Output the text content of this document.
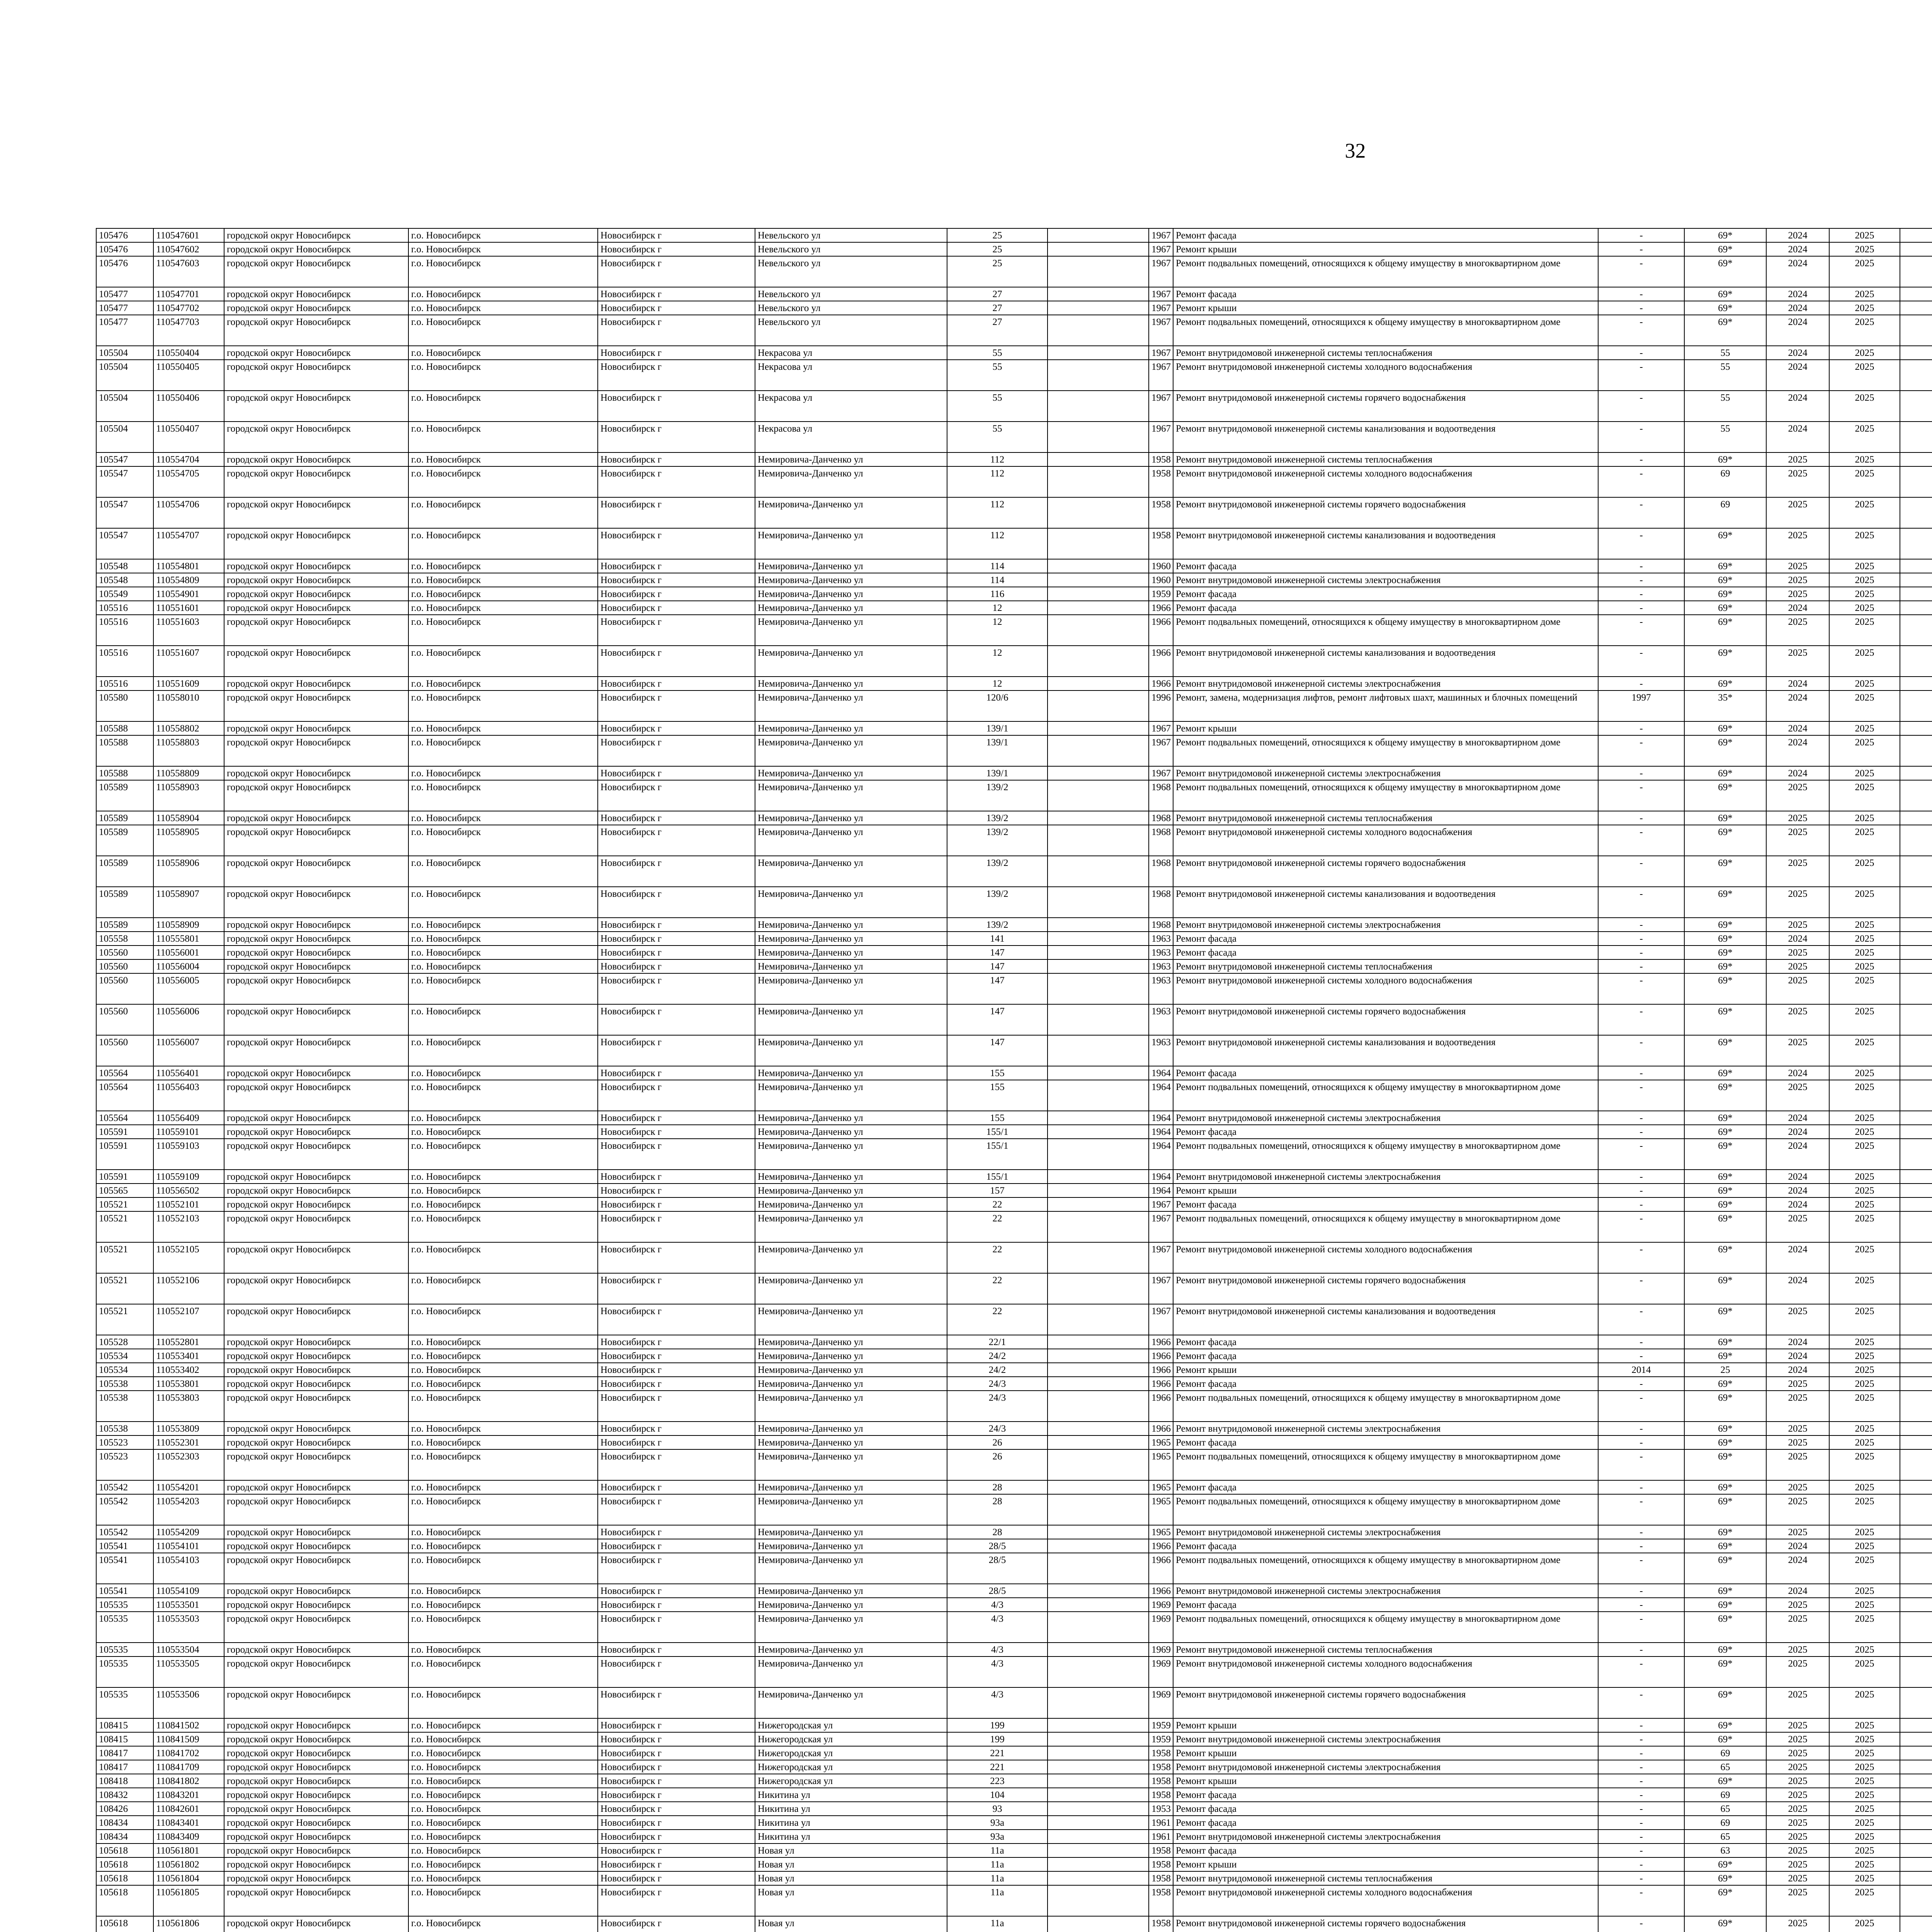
32
105476	110547601	городской округ Новосибирск	г.о. Новосибирск	Новосибирск г	Невельского ул	25		1967	Ремонт фасада	-	69*	2024	2025							
105476	110547602	городской округ Новосибирск	г.о. Новосибирск	Новосибирск г	Невельского ул	25		1967	Ремонт крыши	-	69*	2024	2025							
105476	110547603	городской округ Новосибирск	г.о. Новосибирск	Новосибирск г	Невельского ул	25		1967	Ремонт подвальных помещений, относящихся к общему имуществу в многоквартирном доме	-	69*	2024	2025							
105477	110547701	городской округ Новосибирск	г.о. Новосибирск	Новосибирск г	Невельского ул	27		1967	Ремонт фасада	-	69*	2024	2025							
105477	110547702	городской округ Новосибирск	г.о. Новосибирск	Новосибирск г	Невельского ул	27		1967	Ремонт крыши	-	69*	2024	2025							
105477	110547703	городской округ Новосибирск	г.о. Новосибирск	Новосибирск г	Невельского ул	27		1967	Ремонт подвальных помещений, относящихся к общему имуществу в многоквартирном доме	-	69*	2024	2025							
105504	110550404	городской округ Новосибирск	г.о. Новосибирск	Новосибирск г	Некрасова ул	55		1967	Ремонт внутридомовой инженерной системы теплоснабжения	-	55	2024	2025							
105504	110550405	городской округ Новосибирск	г.о. Новосибирск	Новосибирск г	Некрасова ул	55		1967	Ремонт внутридомовой инженерной системы холодного водоснабжения	-	55	2024	2025							
105504	110550406	городской округ Новосибирск	г.о. Новосибирск	Новосибирск г	Некрасова ул	55		1967	Ремонт внутридомовой инженерной системы горячего водоснабжения	-	55	2024	2025							
105504	110550407	городской округ Новосибирск	г.о. Новосибирск	Новосибирск г	Некрасова ул	55		1967	Ремонт внутридомовой инженерной системы канализования и водоотведения	-	55	2024	2025							
105547	110554704	городской округ Новосибирск	г.о. Новосибирск	Новосибирск г	Немировича-Данченко ул	112		1958	Ремонт внутридомовой инженерной системы теплоснабжения	-	69*	2025	2025							
105547	110554705	городской округ Новосибирск	г.о. Новосибирск	Новосибирск г	Немировича-Данченко ул	112		1958	Ремонт внутридомовой инженерной системы холодного водоснабжения	-	69	2025	2025							
105547	110554706	городской округ Новосибирск	г.о. Новосибирск	Новосибирск г	Немировича-Данченко ул	112		1958	Ремонт внутридомовой инженерной системы горячего водоснабжения	-	69	2025	2025							
105547	110554707	городской округ Новосибирск	г.о. Новосибирск	Новосибирск г	Немировича-Данченко ул	112		1958	Ремонт внутридомовой инженерной системы канализования и водоотведения	-	69*	2025	2025							
105548	110554801	городской округ Новосибирск	г.о. Новосибирск	Новосибирск г	Немировича-Данченко ул	114		1960	Ремонт фасада	-	69*	2025	2025							
105548	110554809	городской округ Новосибирск	г.о. Новосибирск	Новосибирск г	Немировича-Данченко ул	114		1960	Ремонт внутридомовой инженерной системы электроснабжения	-	69*	2025	2025							
105549	110554901	городской округ Новосибирск	г.о. Новосибирск	Новосибирск г	Немировича-Данченко ул	116		1959	Ремонт фасада	-	69*	2025	2025							
105516	110551601	городской округ Новосибирск	г.о. Новосибирск	Новосибирск г	Немировича-Данченко ул	12		1966	Ремонт фасада	-	69*	2024	2025							
105516	110551603	городской округ Новосибирск	г.о. Новосибирск	Новосибирск г	Немировича-Данченко ул	12		1966	Ремонт подвальных помещений, относящихся к общему имуществу в многоквартирном доме	-	69*	2025	2025							
105516	110551607	городской округ Новосибирск	г.о. Новосибирск	Новосибирск г	Немировича-Данченко ул	12		1966	Ремонт внутридомовой инженерной системы канализования и водоотведения	-	69*	2025	2025							
105516	110551609	городской округ Новосибирск	г.о. Новосибирск	Новосибирск г	Немировича-Данченко ул	12		1966	Ремонт внутридомовой инженерной системы электроснабжения	-	69*	2024	2025							
105580	110558010	городской округ Новосибирск	г.о. Новосибирск	Новосибирск г	Немировича-Данченко ул	120/6		1996	Ремонт, замена, модернизация лифтов, ремонт лифтовых шахт, машинных и блочных помещений	1997	35*	2024	2025							
105588	110558802	городской округ Новосибирск	г.о. Новосибирск	Новосибирск г	Немировича-Данченко ул	139/1		1967	Ремонт крыши	-	69*	2024	2025							
105588	110558803	городской округ Новосибирск	г.о. Новосибирск	Новосибирск г	Немировича-Данченко ул	139/1		1967	Ремонт подвальных помещений, относящихся к общему имуществу в многоквартирном доме	-	69*	2024	2025							
105588	110558809	городской округ Новосибирск	г.о. Новосибирск	Новосибирск г	Немировича-Данченко ул	139/1		1967	Ремонт внутридомовой инженерной системы электроснабжения	-	69*	2024	2025							
105589	110558903	городской округ Новосибирск	г.о. Новосибирск	Новосибирск г	Немировича-Данченко ул	139/2		1968	Ремонт подвальных помещений, относящихся к общему имуществу в многоквартирном доме	-	69*	2025	2025							
105589	110558904	городской округ Новосибирск	г.о. Новосибирск	Новосибирск г	Немировича-Данченко ул	139/2		1968	Ремонт внутридомовой инженерной системы теплоснабжения	-	69*	2025	2025							
105589	110558905	городской округ Новосибирск	г.о. Новосибирск	Новосибирск г	Немировича-Данченко ул	139/2		1968	Ремонт внутридомовой инженерной системы холодного водоснабжения	-	69*	2025	2025							
105589	110558906	городской округ Новосибирск	г.о. Новосибирск	Новосибирск г	Немировича-Данченко ул	139/2		1968	Ремонт внутридомовой инженерной системы горячего водоснабжения	-	69*	2025	2025							
105589	110558907	городской округ Новосибирск	г.о. Новосибирск	Новосибирск г	Немировича-Данченко ул	139/2		1968	Ремонт внутридомовой инженерной системы канализования и водоотведения	-	69*	2025	2025							
105589	110558909	городской округ Новосибирск	г.о. Новосибирск	Новосибирск г	Немировича-Данченко ул	139/2		1968	Ремонт внутридомовой инженерной системы электроснабжения	-	69*	2025	2025							
105558	110555801	городской округ Новосибирск	г.о. Новосибирск	Новосибирск г	Немировича-Данченко ул	141		1963	Ремонт фасада	-	69*	2024	2025							
105560	110556001	городской округ Новосибирск	г.о. Новосибирск	Новосибирск г	Немировича-Данченко ул	147		1963	Ремонт фасада	-	69*	2025	2025							
105560	110556004	городской округ Новосибирск	г.о. Новосибирск	Новосибирск г	Немировича-Данченко ул	147		1963	Ремонт внутридомовой инженерной системы теплоснабжения	-	69*	2025	2025							
105560	110556005	городской округ Новосибирск	г.о. Новосибирск	Новосибирск г	Немировича-Данченко ул	147		1963	Ремонт внутридомовой инженерной системы холодного водоснабжения	-	69*	2025	2025							
105560	110556006	городской округ Новосибирск	г.о. Новосибирск	Новосибирск г	Немировича-Данченко ул	147		1963	Ремонт внутридомовой инженерной системы горячего водоснабжения	-	69*	2025	2025							
105560	110556007	городской округ Новосибирск	г.о. Новосибирск	Новосибирск г	Немировича-Данченко ул	147		1963	Ремонт внутридомовой инженерной системы канализования и водоотведения	-	69*	2025	2025							
105564	110556401	городской округ Новосибирск	г.о. Новосибирск	Новосибирск г	Немировича-Данченко ул	155		1964	Ремонт фасада	-	69*	2024	2025							
105564	110556403	городской округ Новосибирск	г.о. Новосибирск	Новосибирск г	Немировича-Данченко ул	155		1964	Ремонт подвальных помещений, относящихся к общему имуществу в многоквартирном доме	-	69*	2025	2025							
105564	110556409	городской округ Новосибирск	г.о. Новосибирск	Новосибирск г	Немировича-Данченко ул	155		1964	Ремонт внутридомовой инженерной системы электроснабжения	-	69*	2024	2025							
105591	110559101	городской округ Новосибирск	г.о. Новосибирск	Новосибирск г	Немировича-Данченко ул	155/1		1964	Ремонт фасада	-	69*	2024	2025							
105591	110559103	городской округ Новосибирск	г.о. Новосибирск	Новосибирск г	Немировича-Данченко ул	155/1		1964	Ремонт подвальных помещений, относящихся к общему имуществу в многоквартирном доме	-	69*	2024	2025							
105591	110559109	городской округ Новосибирск	г.о. Новосибирск	Новосибирск г	Немировича-Данченко ул	155/1		1964	Ремонт внутридомовой инженерной системы электроснабжения	-	69*	2024	2025							
105565	110556502	городской округ Новосибирск	г.о. Новосибирск	Новосибирск г	Немировича-Данченко ул	157		1964	Ремонт крыши	-	69*	2024	2025							
105521	110552101	городской округ Новосибирск	г.о. Новосибирск	Новосибирск г	Немировича-Данченко ул	22		1967	Ремонт фасада	-	69*	2024	2025							
105521	110552103	городской округ Новосибирск	г.о. Новосибирск	Новосибирск г	Немировича-Данченко ул	22		1967	Ремонт подвальных помещений, относящихся к общему имуществу в многоквартирном доме	-	69*	2025	2025							
105521	110552105	городской округ Новосибирск	г.о. Новосибирск	Новосибирск г	Немировича-Данченко ул	22		1967	Ремонт внутридомовой инженерной системы холодного водоснабжения	-	69*	2024	2025							
105521	110552106	городской округ Новосибирск	г.о. Новосибирск	Новосибирск г	Немировича-Данченко ул	22		1967	Ремонт внутридомовой инженерной системы горячего водоснабжения	-	69*	2024	2025							
105521	110552107	городской округ Новосибирск	г.о. Новосибирск	Новосибирск г	Немировича-Данченко ул	22		1967	Ремонт внутридомовой инженерной системы канализования и водоотведения	-	69*	2025	2025							
105528	110552801	городской округ Новосибирск	г.о. Новосибирск	Новосибирск г	Немировича-Данченко ул	22/1		1966	Ремонт фасада	-	69*	2024	2025							
105534	110553401	городской округ Новосибирск	г.о. Новосибирск	Новосибирск г	Немировича-Данченко ул	24/2		1966	Ремонт фасада	-	69*	2024	2025							
105534	110553402	городской округ Новосибирск	г.о. Новосибирск	Новосибирск г	Немировича-Данченко ул	24/2		1966	Ремонт крыши	2014	25	2024	2025							
105538	110553801	городской округ Новосибирск	г.о. Новосибирск	Новосибирск г	Немировича-Данченко ул	24/3		1966	Ремонт фасада	-	69*	2025	2025							
105538	110553803	городской округ Новосибирск	г.о. Новосибирск	Новосибирск г	Немировича-Данченко ул	24/3		1966	Ремонт подвальных помещений, относящихся к общему имуществу в многоквартирном доме	-	69*	2025	2025							
105538	110553809	городской округ Новосибирск	г.о. Новосибирск	Новосибирск г	Немировича-Данченко ул	24/3		1966	Ремонт внутридомовой инженерной системы электроснабжения	-	69*	2025	2025							
105523	110552301	городской округ Новосибирск	г.о. Новосибирск	Новосибирск г	Немировича-Данченко ул	26		1965	Ремонт фасада	-	69*	2025	2025							
105523	110552303	городской округ Новосибирск	г.о. Новосибирск	Новосибирск г	Немировича-Данченко ул	26		1965	Ремонт подвальных помещений, относящихся к общему имуществу в многоквартирном доме	-	69*	2025	2025							
105542	110554201	городской округ Новосибирск	г.о. Новосибирск	Новосибирск г	Немировича-Данченко ул	28		1965	Ремонт фасада	-	69*	2025	2025							
105542	110554203	городской округ Новосибирск	г.о. Новосибирск	Новосибирск г	Немировича-Данченко ул	28		1965	Ремонт подвальных помещений, относящихся к общему имуществу в многоквартирном доме	-	69*	2025	2025							
105542	110554209	городской округ Новосибирск	г.о. Новосибирск	Новосибирск г	Немировича-Данченко ул	28		1965	Ремонт внутридомовой инженерной системы электроснабжения	-	69*	2025	2025							
105541	110554101	городской округ Новосибирск	г.о. Новосибирск	Новосибирск г	Немировича-Данченко ул	28/5		1966	Ремонт фасада	-	69*	2024	2025							
105541	110554103	городской округ Новосибирск	г.о. Новосибирск	Новосибирск г	Немировича-Данченко ул	28/5		1966	Ремонт подвальных помещений, относящихся к общему имуществу в многоквартирном доме	-	69*	2024	2025							
105541	110554109	городской округ Новосибирск	г.о. Новосибирск	Новосибирск г	Немировича-Данченко ул	28/5		1966	Ремонт внутридомовой инженерной системы электроснабжения	-	69*	2024	2025							
105535	110553501	городской округ Новосибирск	г.о. Новосибирск	Новосибирск г	Немировича-Данченко ул	4/3		1969	Ремонт фасада	-	69*	2025	2025							
105535	110553503	городской округ Новосибирск	г.о. Новосибирск	Новосибирск г	Немировича-Данченко ул	4/3		1969	Ремонт подвальных помещений, относящихся к общему имуществу в многоквартирном доме	-	69*	2025	2025							
105535	110553504	городской округ Новосибирск	г.о. Новосибирск	Новосибирск г	Немировича-Данченко ул	4/3		1969	Ремонт внутридомовой инженерной системы теплоснабжения	-	69*	2025	2025							
105535	110553505	городской округ Новосибирск	г.о. Новосибирск	Новосибирск г	Немировича-Данченко ул	4/3		1969	Ремонт внутридомовой инженерной системы холодного водоснабжения	-	69*	2025	2025							
105535	110553506	городской округ Новосибирск	г.о. Новосибирск	Новосибирск г	Немировича-Данченко ул	4/3		1969	Ремонт внутридомовой инженерной системы горячего водоснабжения	-	69*	2025	2025							
108415	110841502	городской округ Новосибирск	г.о. Новосибирск	Новосибирск г	Нижегородская ул	199		1959	Ремонт крыши	-	69*	2025	2025							
108415	110841509	городской округ Новосибирск	г.о. Новосибирск	Новосибирск г	Нижегородская ул	199		1959	Ремонт внутридомовой инженерной системы электроснабжения	-	69*	2025	2025							
108417	110841702	городской округ Новосибирск	г.о. Новосибирск	Новосибирск г	Нижегородская ул	221		1958	Ремонт крыши	-	69	2025	2025							
108417	110841709	городской округ Новосибирск	г.о. Новосибирск	Новосибирск г	Нижегородская ул	221		1958	Ремонт внутридомовой инженерной системы электроснабжения	-	65	2025	2025							
108418	110841802	городской округ Новосибирск	г.о. Новосибирск	Новосибирск г	Нижегородская ул	223		1958	Ремонт крыши	-	69*	2025	2025							
108432	110843201	городской округ Новосибирск	г.о. Новосибирск	Новосибирск г	Никитина ул	104		1958	Ремонт фасада	-	69	2025	2025							
108426	110842601	городской округ Новосибирск	г.о. Новосибирск	Новосибирск г	Никитина ул	93		1953	Ремонт фасада	-	65	2025	2025							
108434	110843401	городской округ Новосибирск	г.о. Новосибирск	Новосибирск г	Никитина ул	93а		1961	Ремонт фасада	-	69	2025	2025							
108434	110843409	городской округ Новосибирск	г.о. Новосибирск	Новосибирск г	Никитина ул	93а		1961	Ремонт внутридомовой инженерной системы электроснабжения	-	65	2025	2025							
105618	110561801	городской округ Новосибирск	г.о. Новосибирск	Новосибирск г	Новая ул	11а		1958	Ремонт фасада	-	63	2025	2025							
105618	110561802	городской округ Новосибирск	г.о. Новосибирск	Новосибирск г	Новая ул	11а		1958	Ремонт крыши	-	69*	2025	2025							
105618	110561804	городской округ Новосибирск	г.о. Новосибирск	Новосибирск г	Новая ул	11а		1958	Ремонт внутридомовой инженерной системы теплоснабжения	-	69*	2025	2025							
105618	110561805	городской округ Новосибирск	г.о. Новосибирск	Новосибирск г	Новая ул	11а		1958	Ремонт внутридомовой инженерной системы холодного водоснабжения	-	69*	2025	2025							
105618	110561806	городской округ Новосибирск	г.о. Новосибирск	Новосибирск г	Новая ул	11а		1958	Ремонт внутридомовой инженерной системы горячего водоснабжения	-	69*	2025	2025							
